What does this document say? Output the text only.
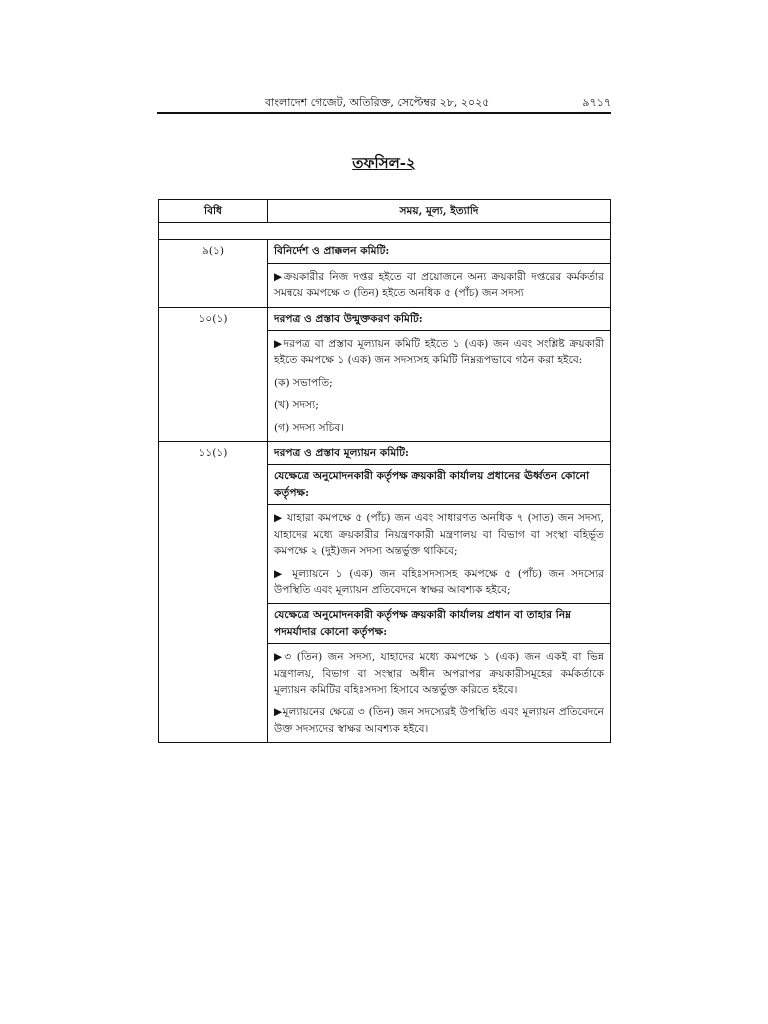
বাংলাদেশ গেজেট, অতিরিক্ত, সেপ্টেম্বর ২৮, ২০২৫	৯৭১৭
তফসিল-২
বিধি	সময়, মূল্য, ইত্যাদি

৯(১)	বিনির্দেশ ও প্রাক্কলন কমিটি:

	▶ক্রয়কারীর নিজ দপ্তর হইতে বা প্রয়োজনে অন্য ক্রয়কারী দপ্তরের কর্মকর্তার সমন্বয়ে কমপক্ষে ৩ (তিন) হইতে অনধিক ৫ (পাঁচ) জন সদস্য

১০(১)	দরপত্র ও প্রস্তাব উন্মুক্তকরণ কমিটি:

	▶দরপত্র বা প্রস্তাব মূল্যায়ন কমিটি হইতে ১ (এক) জন এবং সংশ্লিষ্ট ক্রয়কারী হইতে কমপক্ষে ১ (এক) জন সদস্যসহ কমিটি নিম্নরূপভাবে গঠন করা হইবে:

(ক) সভাপতি;

(খ) সদস্য;

(গ) সদস্য সচিব।

১১(১)	দরপত্র ও প্রস্তাব মূল্যায়ন কমিটি:
	যেক্ষেত্রে অনুমোদনকারী কর্তৃপক্ষ ক্রয়কারী কার্যালয় প্রধানের ঊর্ধ্বতন কোনো কর্তৃপক্ষ:

	▶ যাহারা কমপক্ষে ৫ (পাঁচ) জন এবং সাধারণত অনধিক ৭ (সাত) জন সদস্য, যাহাদের মধ্যে ক্রয়কারীর নিয়ন্ত্রণকারী মন্ত্রণালয় বা বিভাগ বা সংস্থা বহির্ভূত কমপক্ষে ২ (দুই)জন সদস্য অন্তর্ভুক্ত থাকিবে;

▶ মূল্যায়নে ১ (এক) জন বহিঃসদস্যসহ কমপক্ষে ৫ (পাঁচ) জন সদস্যের উপস্থিতি এবং মূল্যায়ন প্রতিবেদনে স্বাক্ষর আবশ্যক হইবে;

	যেক্ষেত্রে অনুমোদনকারী কর্তৃপক্ষ ক্রয়কারী কার্যালয় প্রধান বা তাহার নিম্ন পদমর্যাদার কোনো কর্তৃপক্ষ:

	▶৩ (তিন) জন সদস্য, যাহাদের মধ্যে কমপক্ষে ১ (এক) জন একই বা ভিন্ন মন্ত্রণালয়, বিভাগ বা সংস্থার অধীন অপরাপর ক্রয়কারীসমূহের কর্মকর্তাকে মূল্যায়ন কমিটির বহিঃসদস্য হিসাবে অন্তর্ভুক্ত করিতে হইবে।

▶মূল্যায়নের ক্ষেত্রে ৩ (তিন) জন সদস্যেরই উপস্থিতি এবং মূল্যায়ন প্রতিবেদনে উক্ত সদস্যদের স্বাক্ষর আবশ্যক হইবে।
